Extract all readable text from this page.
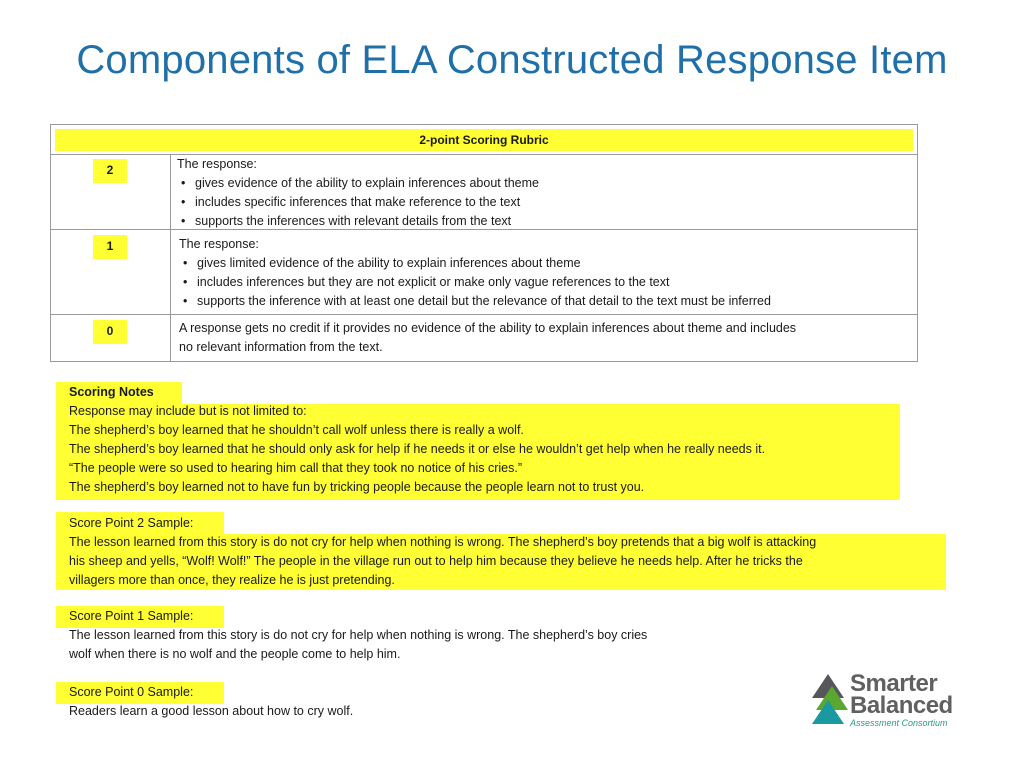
Components of ELA Constructed Response Item
2-point Scoring Rubric
2	The response:
• gives evidence of the ability to explain inferences about theme
• includes specific inferences that make reference to the text
• supports the inferences with relevant details from the text
1	The response:
• gives limited evidence of the ability to explain inferences about theme
• includes inferences but they are not explicit or make only vague references to the text
• supports the inference with at least one detail but the relevance of that detail to the text must be inferred
0	A response gets no credit if it provides no evidence of the ability to explain inferences about theme and includes
no relevant information from the text.
Scoring Notes
Response may include but is not limited to:
The shepherd’s boy learned that he shouldn’t call wolf unless there is really a wolf.
The shepherd’s boy learned that he should only ask for help if he needs it or else he wouldn’t get help when he really needs it.
“The people were so used to hearing him call that they took no notice of his cries.”
The shepherd’s boy learned not to have fun by tricking people because the people learn not to trust you.
Score Point 2 Sample:
The lesson learned from this story is do not cry for help when nothing is wrong. The shepherd’s boy pretends that a big wolf is attacking
his sheep and yells, “Wolf! Wolf!” The people in the village run out to help him because they believe he needs help. After he tricks the
villagers more than once, they realize he is just pretending.
Score Point 1 Sample:
The lesson learned from this story is do not cry for help when nothing is wrong. The shepherd’s boy cries
wolf when there is no wolf and the people come to help him.
Score Point 0 Sample:
Readers learn a good lesson about how to cry wolf.
Smarter
Balanced
Assessment Consortium
